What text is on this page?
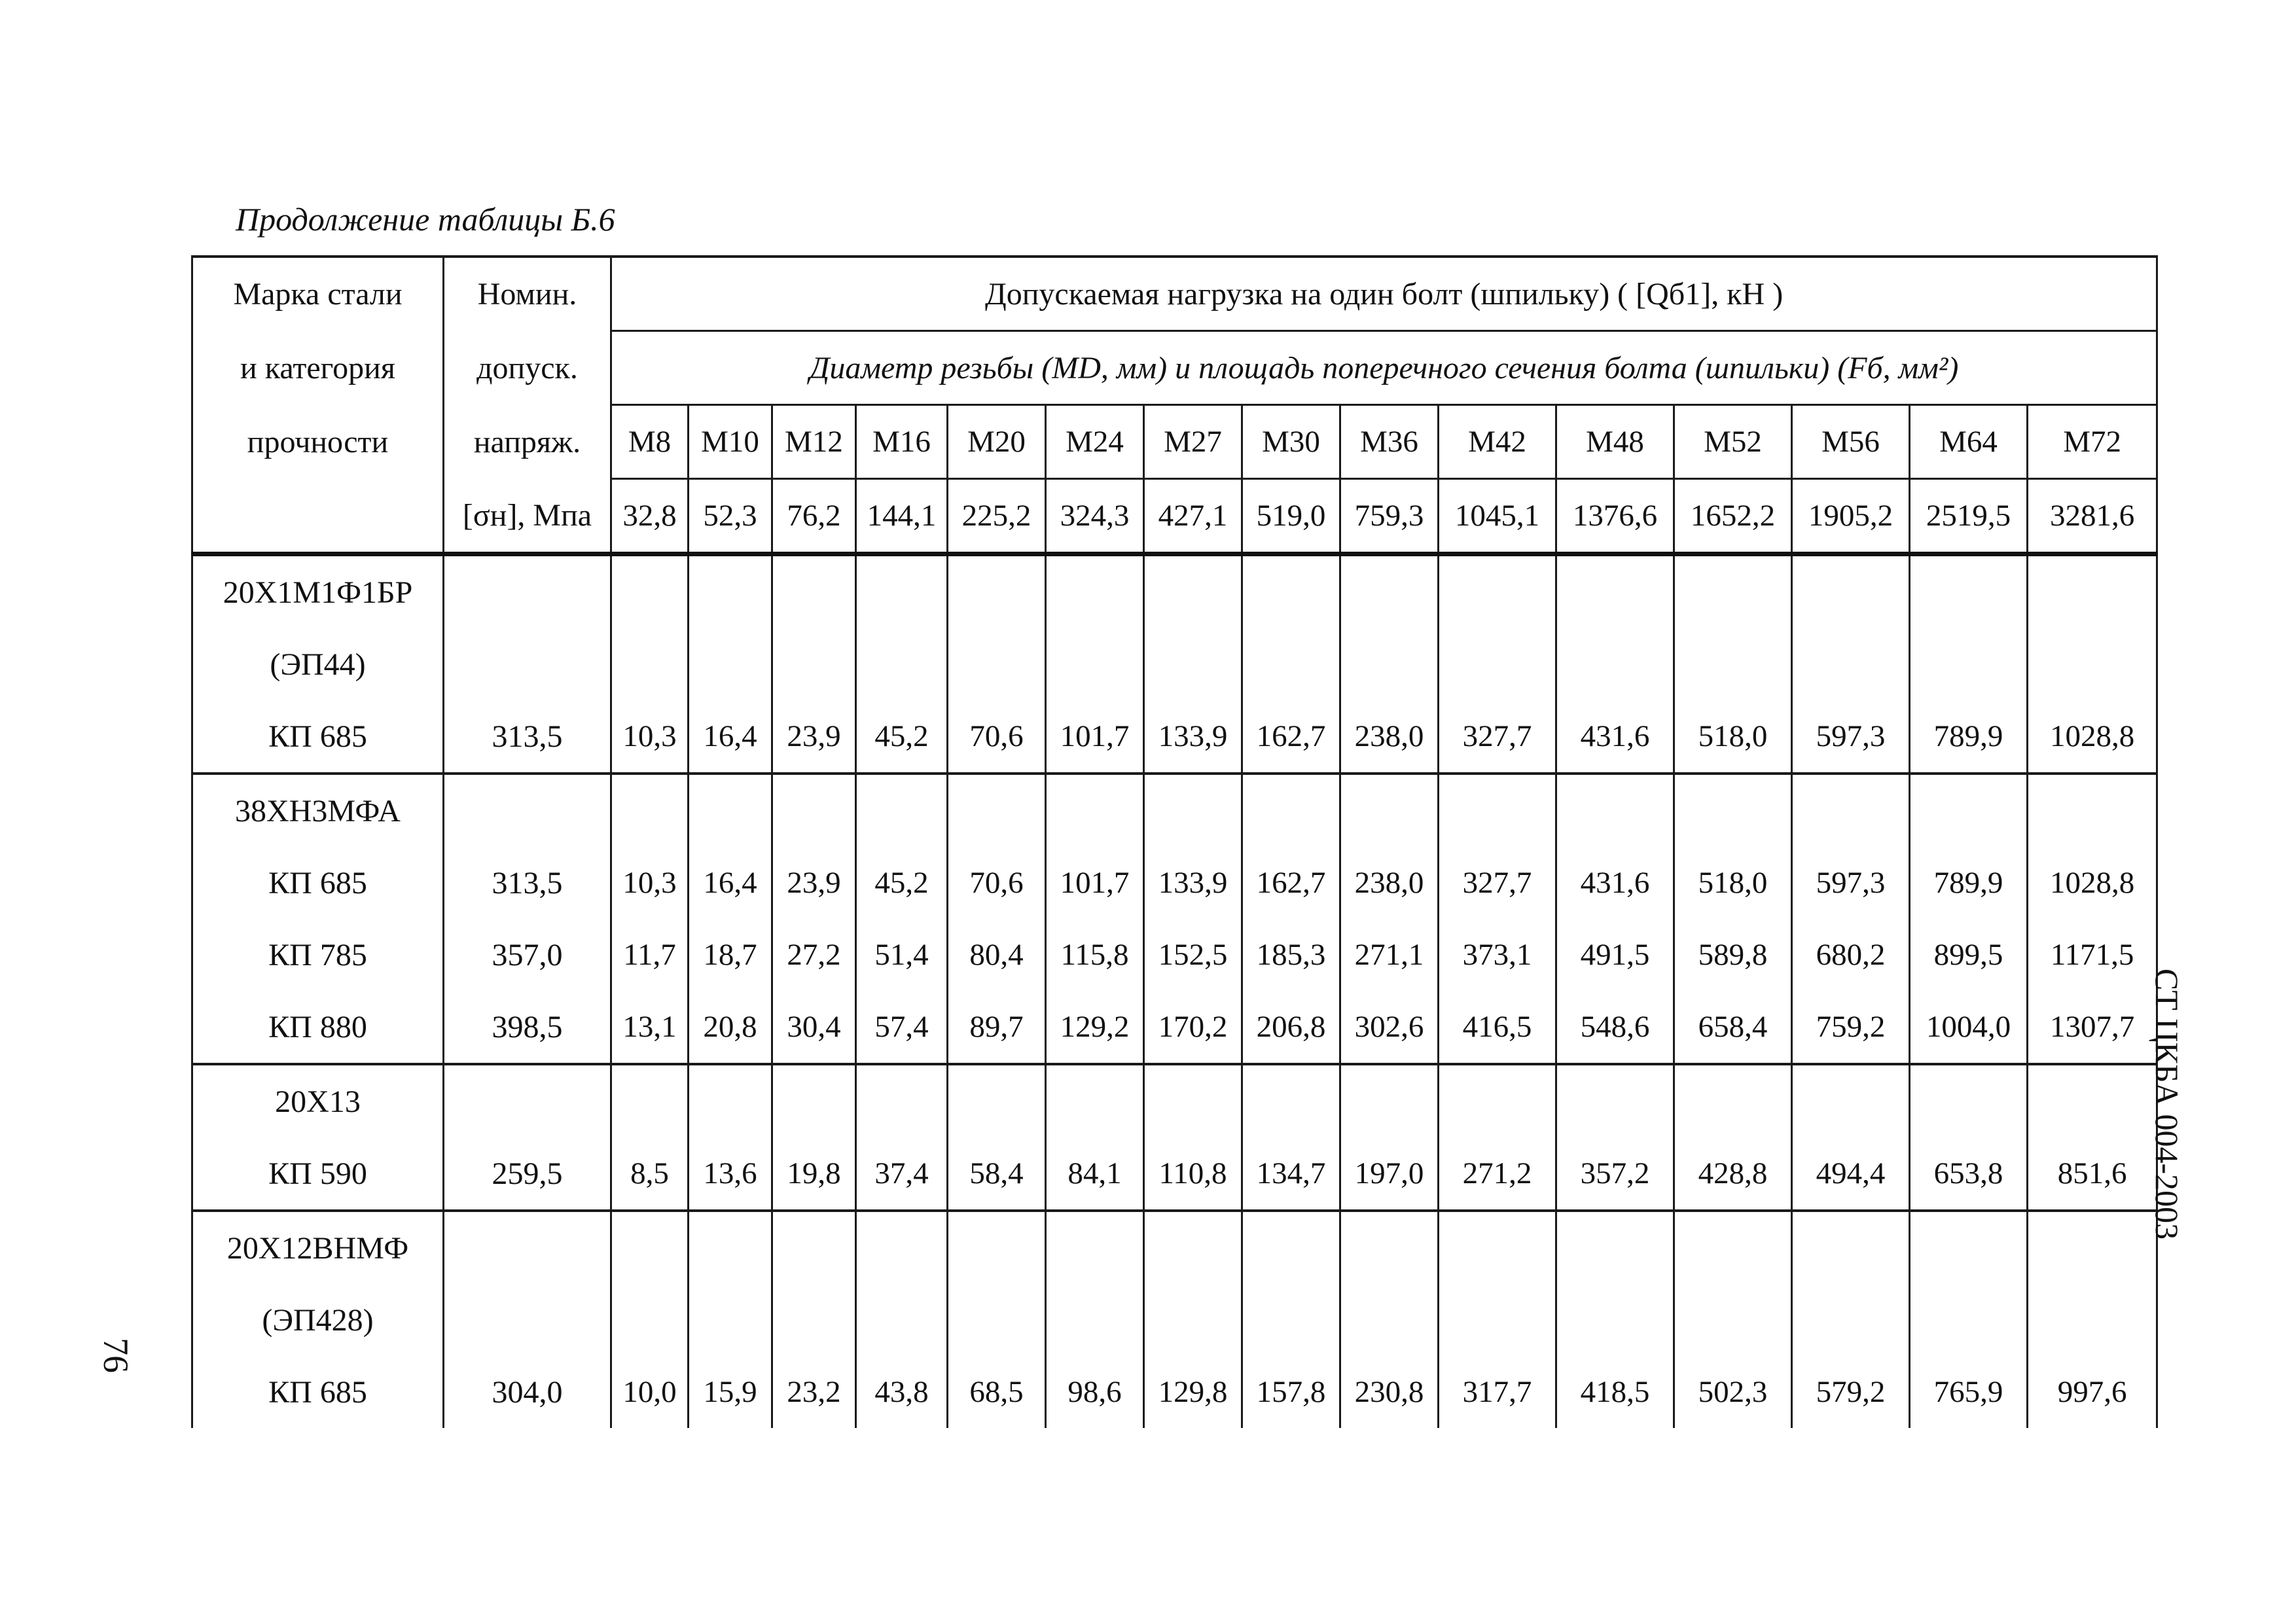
Продолжение таблицы Б.6
Марка стали	Номин.	Допускаемая нагрузка на один болт (шпильку) ( [Qб1], кН )														
и категория	допуск.	Диаметр резьбы (MD, мм) и площадь поперечного сечения болта (шпильки) (Fб, мм²)														
прочности	напряж.	M8	M10	M12	M16	M20	M24	M27	M30	M36	M42	M48	M52	M56	M64	M72
	[σн], Мпа	32,8	52,3	76,2	144,1	225,2	324,3	427,1	519,0	759,3	1045,1	1376,6	1652,2	1905,2	2519,5	3281,6
20Х1М1Ф1БР																
(ЭП44)																
КП 685	313,5	10,3	16,4	23,9	45,2	70,6	101,7	133,9	162,7	238,0	327,7	431,6	518,0	597,3	789,9	1028,8
38ХН3МФА																
КП 685	313,5	10,3	16,4	23,9	45,2	70,6	101,7	133,9	162,7	238,0	327,7	431,6	518,0	597,3	789,9	1028,8
КП 785	357,0	11,7	18,7	27,2	51,4	80,4	115,8	152,5	185,3	271,1	373,1	491,5	589,8	680,2	899,5	1171,5
КП 880	398,5	13,1	20,8	30,4	57,4	89,7	129,2	170,2	206,8	302,6	416,5	548,6	658,4	759,2	1004,0	1307,7
20Х13																
КП 590	259,5	8,5	13,6	19,8	37,4	58,4	84,1	110,8	134,7	197,0	271,2	357,2	428,8	494,4	653,8	851,6
20Х12ВНМФ																
(ЭП428)																
КП 685	304,0	10,0	15,9	23,2	43,8	68,5	98,6	129,8	157,8	230,8	317,7	418,5	502,3	579,2	765,9	997,6
76
СТ ЦКБА 004-2003
